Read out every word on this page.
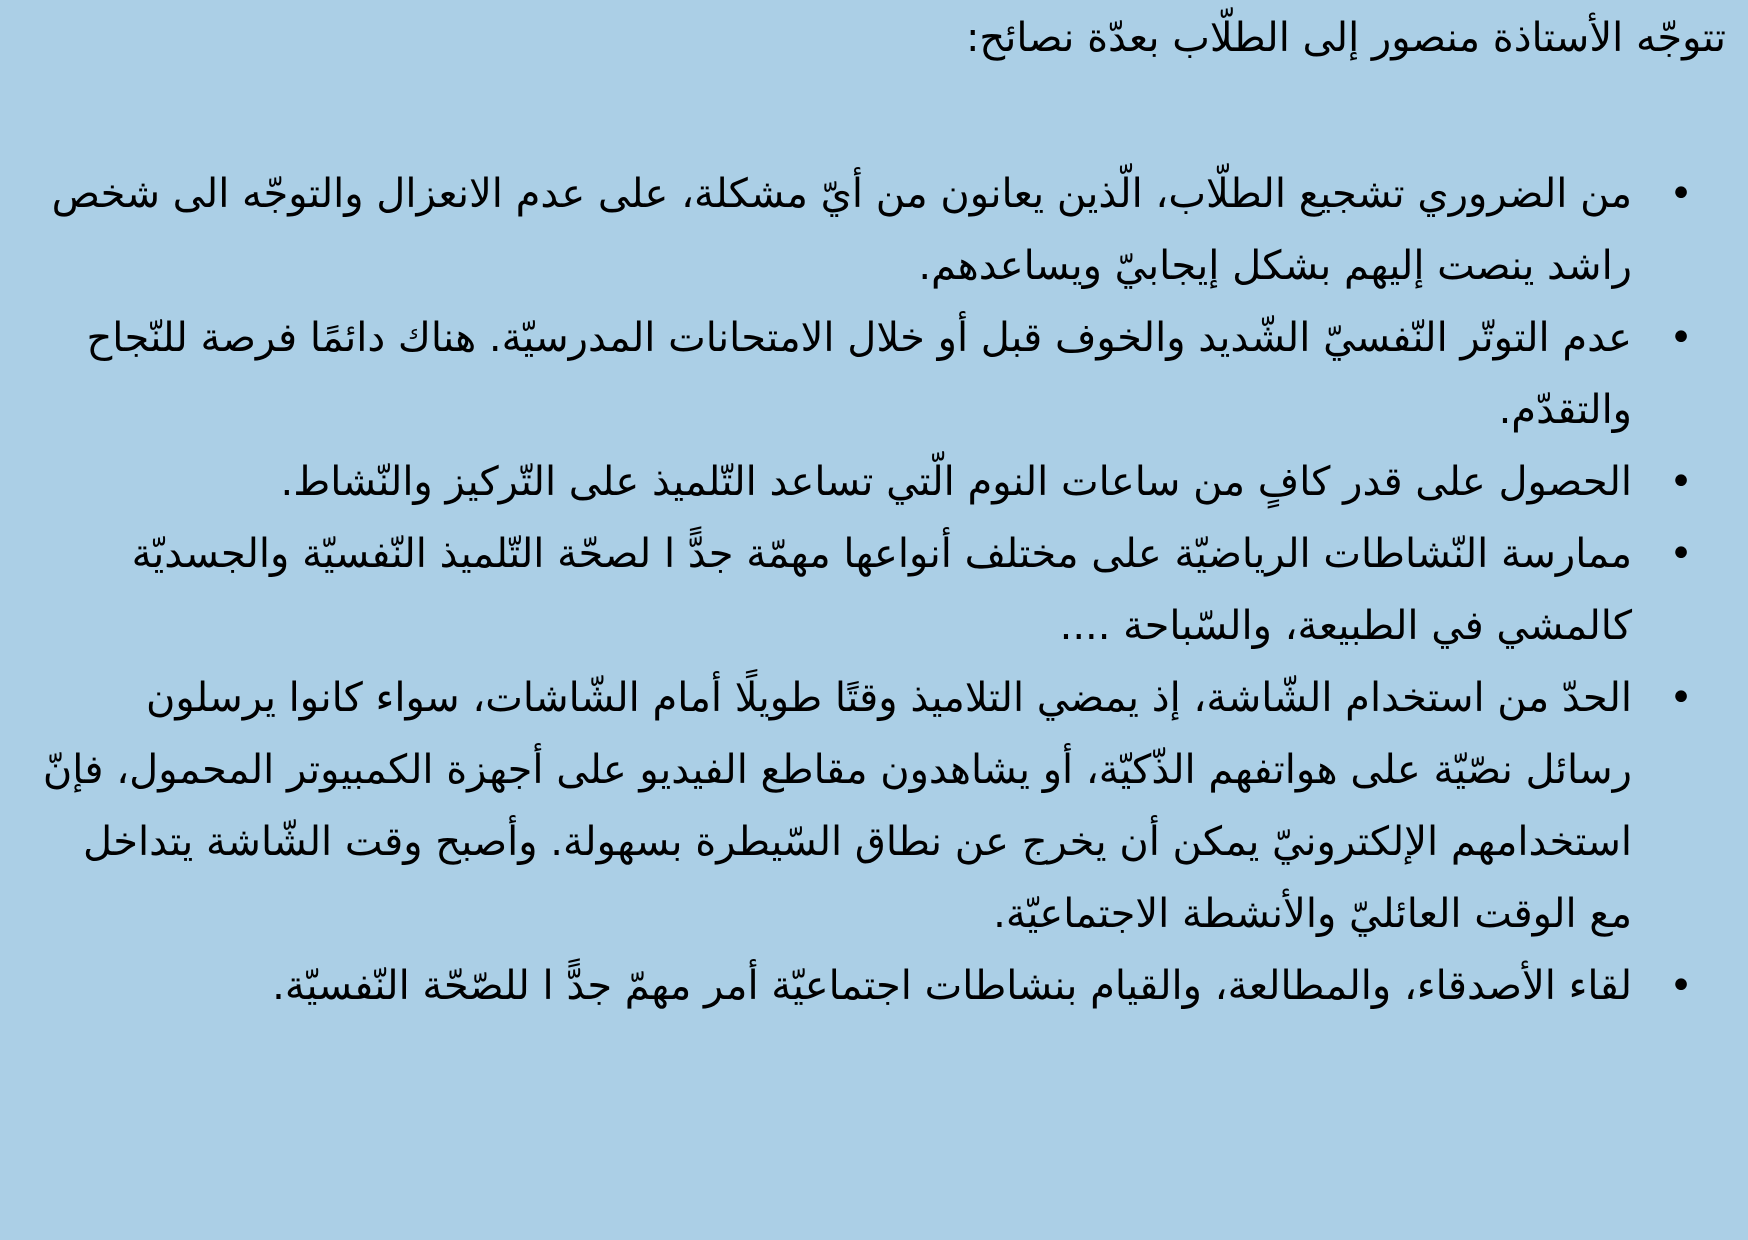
تتوجّه الأستاذة منصور إلى الطلّاب بعدّة نصائح:

•
من الضروري تشجيع الطلّاب، الّذين يعانون من أيّ مشكلة، على عدم الانعزال والتوجّه الى شخص راشد ينصت إليهم بشكل إيجابيّ ويساعدهم.
•
عدم التوتّر النّفسيّ الشّديد والخوف قبل أو خلال الامتحانات المدرسيّة. هناك دائمًا فرصة للنّجاح والتقدّم.
•
الحصول على قدر كافٍ من ساعات النوم الّتي تساعد التّلميذ على التّركيز والنّشاط.
•
ممارسة النّشاطات الرياضيّة على مختلف أنواعها مهمّة جدًّ ا لصحّة التّلميذ النّفسيّة والجسديّة كالمشي في الطبيعة، والسّباحة ....
•
الحدّ من استخدام الشّاشة، إذ يمضي التلاميذ وقتًا طويلًا أمام الشّاشات، سواء كانوا يرسلون رسائل نصّيّة على هواتفهم الذّكيّة، أو يشاهدون مقاطع الفيديو على أجهزة الكمبيوتر المحمول، فإنّ استخدامهم الإلكترونيّ يمكن أن يخرج عن نطاق السّيطرة بسهولة. وأصبح وقت الشّاشة يتداخل مع الوقت العائليّ والأنشطة الاجتماعيّة.
•
لقاء الأصدقاء، والمطالعة، والقيام بنشاطات اجتماعيّة أمر مهمّ جدًّ ا للصّحّة النّفسيّة.
